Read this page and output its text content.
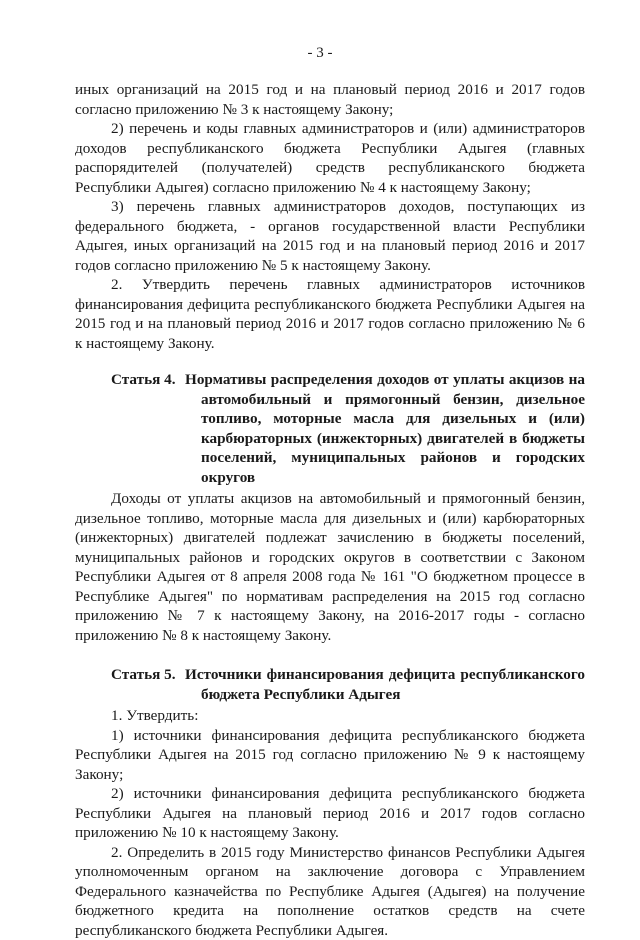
- 3 -

иных организаций на 2015 год и на плановый период 2016 и 2017 годов согласно приложению № 3 к настоящему Закону;

2) перечень и коды главных администраторов и (или) администраторов доходов республиканского бюджета Республики Адыгея (главных распорядителей (получателей) средств республиканского бюджета Республики Адыгея) согласно приложению № 4 к настоящему Закону;

3) перечень главных администраторов доходов, поступающих из федерального бюджета, - органов государственной власти Республики Адыгея, иных организаций на 2015 год и на плановый период 2016 и 2017 годов согласно приложению № 5 к настоящему Закону.

2. Утвердить перечень главных администраторов источников финансирования дефицита республиканского бюджета Республики Адыгея на 2015 год и на плановый период 2016 и 2017 годов согласно приложению № 6 к настоящему Закону.

Статья 4. Нормативы распределения доходов от уплаты акцизов на автомобильный и прямогонный бензин, дизельное топливо, моторные масла для дизельных и (или) карбюраторных (инжекторных) двигателей в бюджеты поселений, муниципальных районов и городских округов

Доходы от уплаты акцизов на автомобильный и прямогонный бензин, дизельное топливо, моторные масла для дизельных и (или) карбюраторных (инжекторных) двигателей подлежат зачислению в бюджеты поселений, муниципальных районов и городских округов в соответствии с Законом Республики Адыгея от 8 апреля 2008 года № 161 "О бюджетном процессе в Республике Адыгея" по нормативам распределения на 2015 год согласно приложению № 7 к настоящему Закону, на 2016-2017 годы - согласно приложению № 8 к настоящему Закону.

Статья 5. Источники финансирования дефицита республиканского бюджета Республики Адыгея

1. Утвердить:

1) источники финансирования дефицита республиканского бюджета Республики Адыгея на 2015 год согласно приложению № 9 к настоящему Закону;

2) источники финансирования дефицита республиканского бюджета Республики Адыгея на плановый период 2016 и 2017 годов согласно приложению № 10 к настоящему Закону.

2. Определить в 2015 году Министерство финансов Республики Адыгея уполномоченным органом на заключение договора с Управлением Федерального казначейства по Республике Адыгея (Адыгея) на получение бюджетного кредита на пополнение остатков средств на счете республиканского бюджета Республики Адыгея.
